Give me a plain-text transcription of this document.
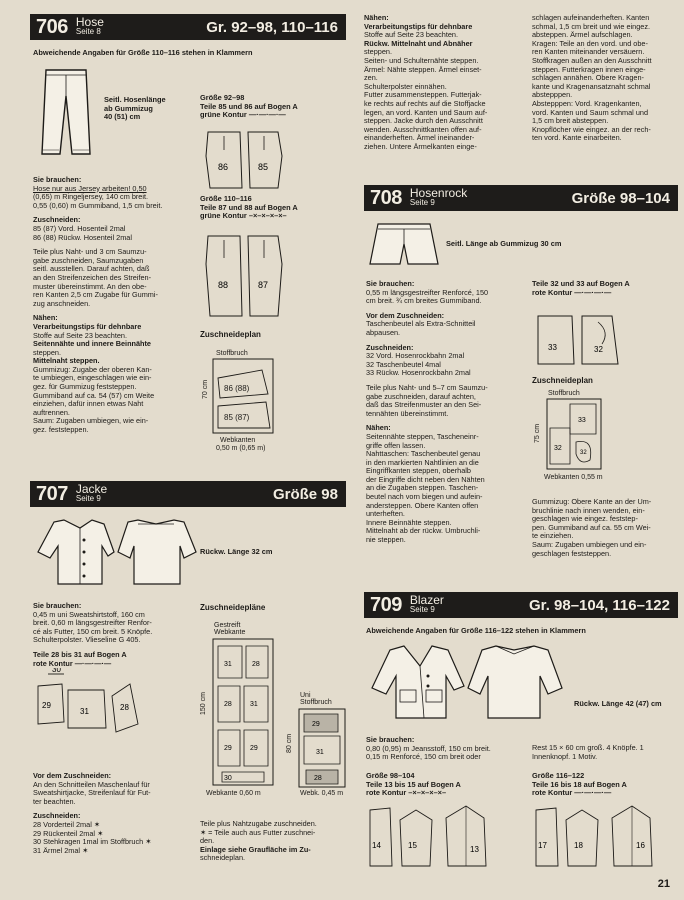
706 Hose
Seite 8	Gr. 92–98, 110–116
Abweichende Angaben für Größe 110–116 stehen in Klammern
Seitl. Hosenlänge
ab Gummizug
40 (51) cm
Größe 92–98
Teile 85 und 86 auf Bogen A
grüne Kontur —·—·—·—
86	85
Größe 110–116
Teile 87 und 88 auf Bogen A
grüne Kontur –×–×–×–×–
88	87

Sie brauchen:
Hose nur aus Jersey arbeiten! 0,50
(0,65) m Ringeljersey, 140 cm breit.
0,55 (0,60) m Gummiband, 1,5 cm breit.

Zuschneiden:
85 (87) Vord. Hosenteil 2mal
86 (88) Rückw. Hosenteil 2mal

Teile plus Naht- und 3 cm Saumzu-
gabe zuschneiden, Saumzugaben
seitl. ausstellen. Darauf achten, daß
an den Streifenzeichen des Streifen-
muster übereinstimmt. An den obe-
ren Kanten 2,5 cm Zugabe für Gummi-
zug anschneiden.

Nähen:
Verarbeitungstips für dehnbare
Stoffe auf Seite 23 beachten.
Seitennähte und innere Beinnähte
steppen.
Mittelnaht steppen.
Gummizug: Zugabe der oberen Kan-
te umbiegen, eingeschlagen wie ein-
gez. für Gummizug feststeppen.
Gummiband auf ca. 54 (57) cm Weite
einziehen, dafür innen etwas Naht
auftrennen.
Saum: Zugaben umbiegen, wie ein-
gez. feststeppen.

Zuschneideplan
Stoffbruch
70 cm 86 (88)
85 (87)
Webkanten
0,50 m (0,65 m)
707 Jacke
Seite 9	Größe 98
Rückw. Länge 32 cm

Sie brauchen:
0,45 m uni Sweatshirtstoff, 160 cm
breit. 0,60 m längsgestreifter Renfor-
cé als Futter, 150 cm breit. 5 Knöpfe.
Schulterpolster. Vlieseline G 405.

Teile 28 bis 31 auf Bogen A
rote Kontur —·—·—·—

30
29
31	28

Vor dem Zuschneiden:
An den Schnitteilen Maschenlauf für
Sweatshirtjacke, Streifenlauf für Fut-
ter beachten.

Zuschneiden:
28 Vorderteil 2mal ✶
29 Rückenteil 2mal ✶
30 Stehkragen 1mal im Stoffbruch ✶
31 Ärmel 2mal ✶

Zuschneidepläne
Gestreift
Webkante
150 cm
31	28
28	31
29	29
30
Webkante 0,60 m
Uni
Stoffbruch
80 cm
29
31
28
Webk. 0,45 m
Teile plus Nahtzugabe zuschneiden.
✶ = Teile auch aus Futter zuschnei-
den.
Einlage siehe Graufläche im Zu-
schneideplan.
Nähen:
Verarbeitungstips für dehnbare
Stoffe auf Seite 23 beachten.
Rückw. Mittelnaht und Abnäher
steppen.
Seiten- und Schulternähte steppen.
Ärmel: Nähte steppen. Ärmel einset-
zen.
Schulterpolster einnähen.
Futter zusammensteppen. Futterjak-
ke rechts auf rechts auf die Stoffjacke
legen, an vord. Kanten und Saum auf-
steppen. Jacke durch den Ausschnitt
wenden. Ausschnittkanten offen auf-
einanderheften. Ärmel ineinander-
ziehen. Untere Ärmelkanten einge-
schlagen aufeinanderheften. Kanten
schmal, 1,5 cm breit und wie eingez.
absteppen. Ärmel aufschlagen.
Kragen: Teile an den vord. und obe-
ren Kanten miteinander versäuern.
Stoffkragen außen an den Ausschnitt
steppen. Futterkragen innen einge-
schlagen annähen. Obere Kragen-
kante und Kragenansatznaht schmal
abstepppen.
Abstepppen: Vord. Kragenkanten,
vord. Kanten und Saum schmal und
1,5 cm breit absteppen.
Knopflöcher wie eingez. an der rech-
ten vord. Kante einarbeiten.
708 Hosenrock
Seite 9	Größe 98–104
Seitl. Länge ab Gummizug 30 cm

Sie brauchen:
0,55 m längsgestreifter Renforcé, 150
cm breit. ¾ cm breites Gummiband.

Vor dem Zuschneiden:
Taschenbeutel als Extra-Schnitteil
abpausen.

Zuschneiden:
32 Vord. Hosenrockbahn 2mal
32 Taschenbeutel 4mal
33 Rückw. Hosenrockbahn 2mal

Teile plus Naht- und 5–7 cm Saumzu-
gabe zuschneiden, darauf achten,
daß das Streifenmuster an den Sei-
tennähten übereinstimmt.

Nähen:
Seitennähte steppen, Tascheneinr-
griffe offen lassen.
Nahttaschen: Taschenbeutel genau
in den markierten Nahtlinien an die
Eingriffkanten steppen, oberhalb
der Eingriffe dicht neben den Nähten
an die Zugaben steppen. Taschen-
beutel nach vorn biegen und aufein-
andersteppen. Obere Kanten offen
unterheften.
Innere Beinnähte steppen.
Mittelnaht ab der rückw. Umbruchli-
nie steppen.

Teile 32 und 33 auf Bogen A
rote Kontur —·—·—·—
33	32
Zuschneideplan
Stoffbruch
75 cm
33
32
32
Webkanten 0,55 m
Gummizug: Obere Kante an der Um-
bruchlinie nach innen wenden, ein-
geschlagen wie eingez. feststep-
pen. Gummiband auf ca. 55 cm Wei-
te einziehen.
Saum: Zugaben umbiegen und ein-
geschlagen feststeppen.
709 Blazer
Seite 9	Gr. 98–104, 116–122
Abweichende Angaben für Größe 116–122 stehen in Klammern
Rückw. Länge 42 (47) cm
Sie brauchen:
0,80 (0,95) m Jeansstoff, 150 cm breit.
0,15 m Renforcé, 150 cm breit oder
Rest 15 × 60 cm groß. 4 Knöpfe. 1
Innenknopf. 1 Motiv.
Größe 98–104
Teile 13 bis 15 auf Bogen A
rote Kontur –×–×–×–×–
Größe 116–122
Teile 16 bis 18 auf Bogen A
rote Kontur —·—·—·—
14	15	13	17	18	16
21
